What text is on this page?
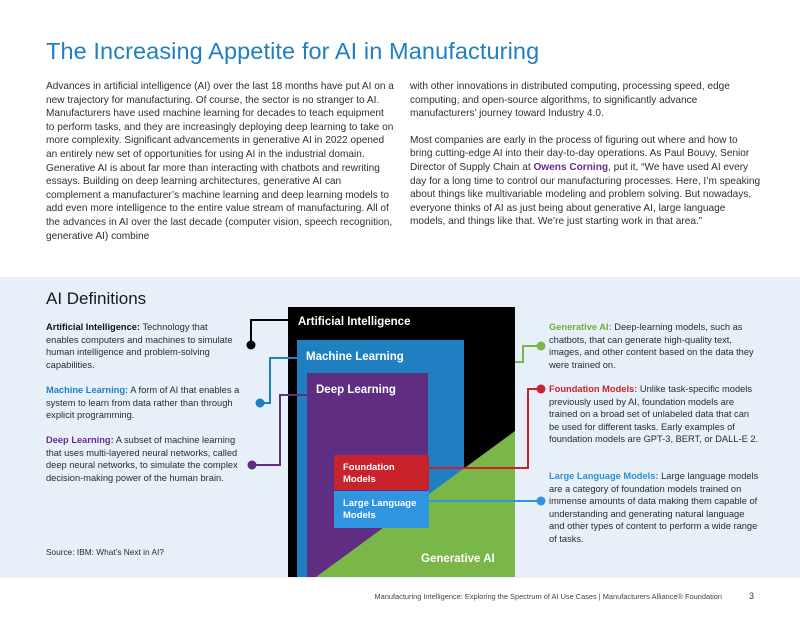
The Increasing Appetite for AI in Manufacturing

Advances in artificial intelligence (AI) over the last 18 months have put AI on a new trajectory for manufacturing. Of course, the sector is no stranger to AI. Manufacturers have used machine learning for decades to teach equipment to perform tasks, and they are increasingly deploying deep learning to take on more complexity. Significant advancements in generative AI in 2022 opened an entirely new set of opportunities for using AI in the industrial domain. Generative AI is about far more than interacting with chatbots and rewriting essays. Building on deep learning architectures, generative AI can complement a manufacturer’s machine learning and deep learning models to add even more intelligence to the entire value stream of manufacturing. All of the advances in AI over the last decade (computer vision, speech recognition, generative AI) combine

with other innovations in distributed computing, processing speed, edge computing, and open-source algorithms, to significantly advance manufacturers’ journey toward Industry 4.0.

Most companies are early in the process of figuring out where and how to bring cutting-edge AI into their day-to-day operations. As Paul Bouvy, Senior Director of Supply Chain at Owens Corning, put it, “We have used AI every day for a long time to control our manufacturing processes. Here, I’m speaking about things like multivariable modeling and problem solving. But nowadays, everyone thinks of AI as just being about generative AI, large language models, and things like that. We’re just starting work in that area.”

AI Definitions
Artificial Intelligence
Machine Learning
Deep Learning
Foundation
Models
Large Language
Models
Generative AI
Artificial Intelligence: Technology that enables computers and machines to simulate human intelligence and problem-solving capabilities.
Machine Learning: A form of AI that enables a system to learn from data rather than through explicit programming.
Deep Learning: A subset of machine learning that uses multi-layered neural networks, called deep neural networks, to simulate the complex decision-making power of the human brain.
Generative AI: Deep-learning models, such as chatbots, that can generate high-quality text, images, and other content based on the data they were trained on.
Foundation Models: Unlike task-specific models previously used by AI, foundation models are trained on a broad set of unlabeled data that can be used for different tasks. Early examples of foundation models are GPT-3, BERT, or DALL-E 2.
Large Language Models: Large language models are a category of foundation models trained on immense amounts of data making them capable of understanding and generating natural language and other types of content to perform a wide range of tasks.
Source: IBM: What’s Next in AI?
Manufacturing Intelligence: Exploring the Spectrum of AI Use Cases | Manufacturers Alliance® Foundation	3
